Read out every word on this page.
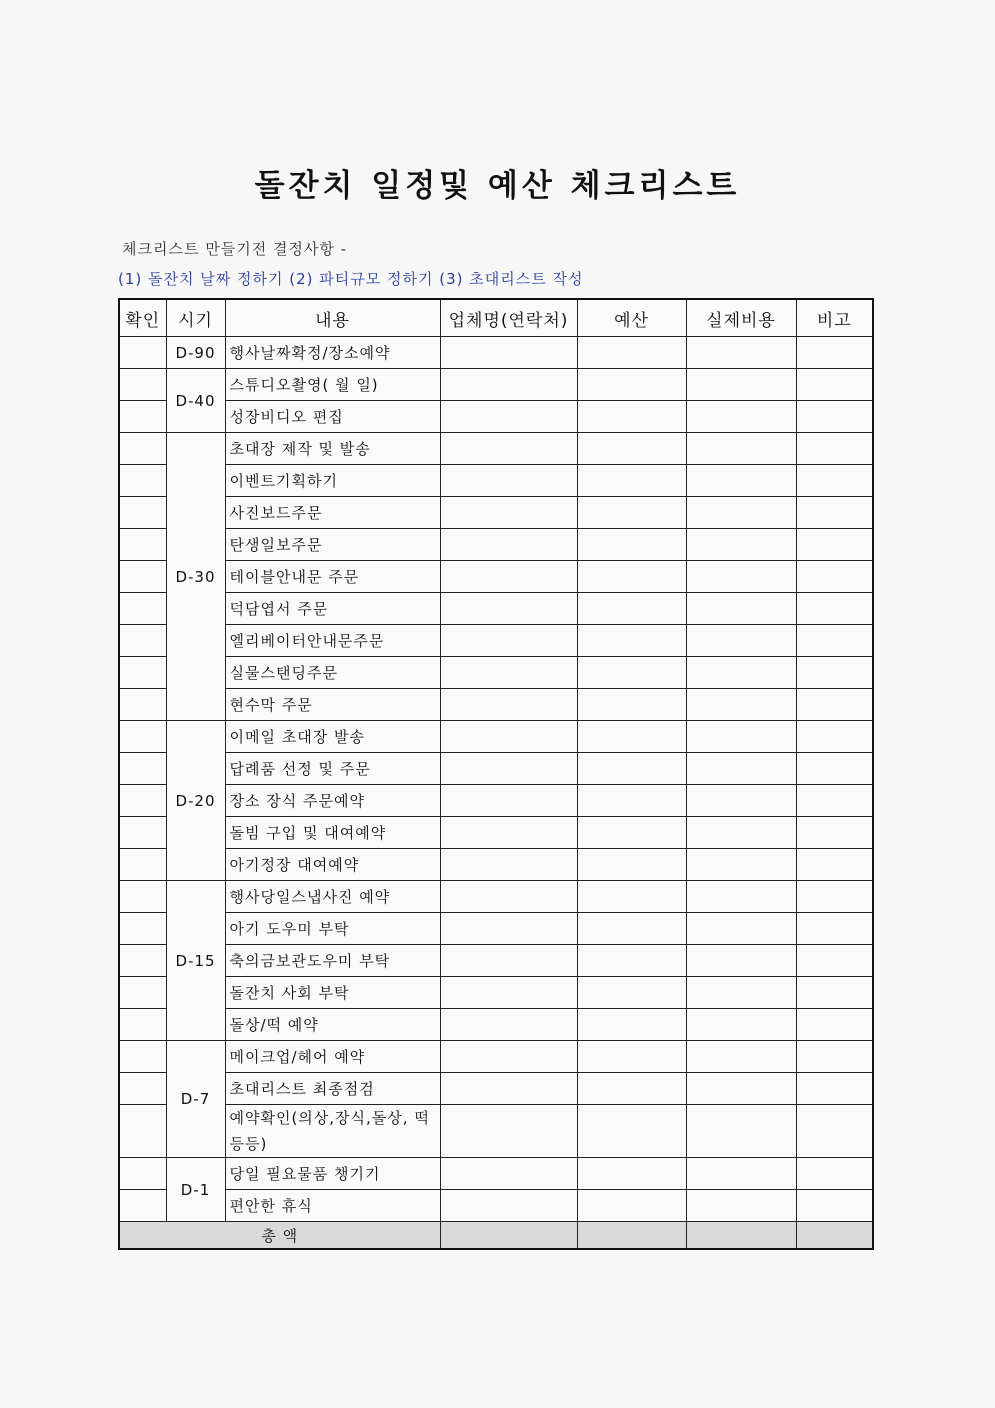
돌잔치 일정및 예산 체크리스트
체크리스트 만들기전 결정사항 -
(1) 돌잔치 날짜 정하기 (2) 파티규모 정하기 (3) 초대리스트 작성
확인	시기	내용	업체명(연락처)	예산	실제비용	비고
	D-90	행사날짜확정/장소예약				
	D-40	스튜디오촬영( 월 일)				
		성장비디오 편집				
	D-30	초대장 제작 및 발송				
		이벤트기획하기				
		사진보드주문				
		탄생일보주문				
		테이블안내문 주문				
		덕담엽서 주문				
		엘리베이터안내문주문				
		실물스탠딩주문				
		현수막 주문				
	D-20	이메일 초대장 발송				
		답례품 선정 및 주문				
		장소 장식 주문예약				
		돌빔 구입 및 대여예약				
		아기정장 대여예약				
	D-15	행사당일스냅사진 예약				
		아기 도우미 부탁				
		축의금보관도우미 부탁				
		돌잔치 사회 부탁				
		돌상/떡 예약				
	D-7	메이크업/헤어 예약				
		초대리스트 최종점검				
		예약확인(의상,장식,돌상, 떡 등등)				
	D-1	당일 필요물품 챙기기				
		편안한 휴식				
총 액						
